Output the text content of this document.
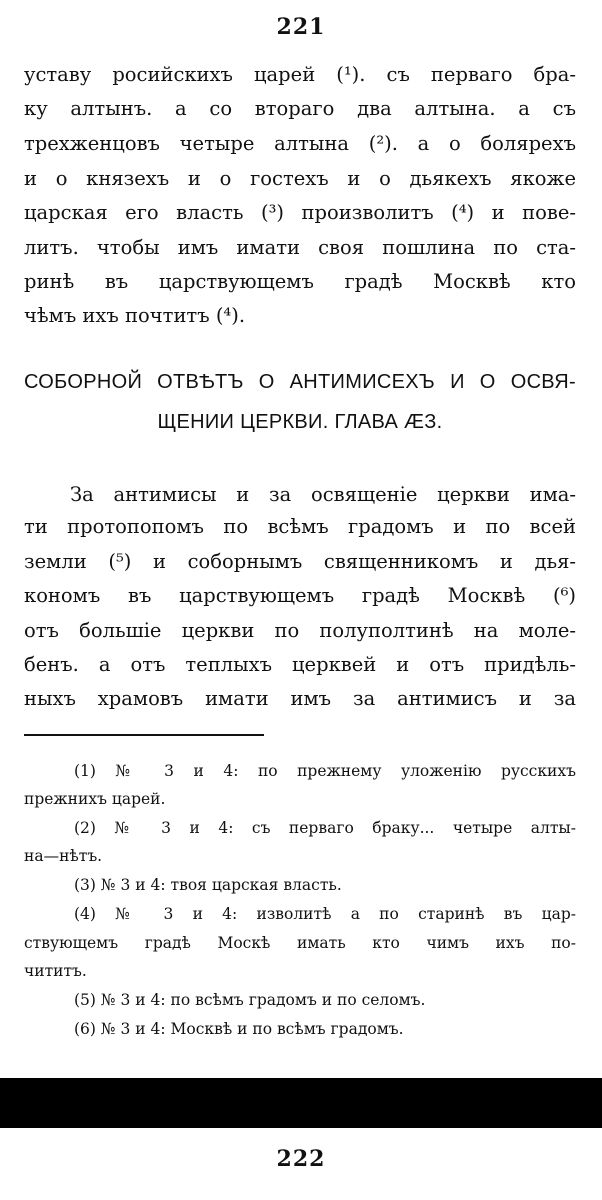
221
уставу росийскихъ царей (¹). съ перваго бра-
ку алтынъ. а со втораго два алтына. а съ
трехженцовъ четыре алтына (²). а о болярехъ
и о князехъ и о гостехъ и о дьякехъ якоже
царская его власть (³) произволитъ (⁴) и пове-
литъ. чтобы имъ имати своя пошлина по ста-
ринѣ въ царствующемъ градѣ Москвѣ кто
чѣмъ ихъ почтитъ (⁴).
СОБОРНОЙ ОТВѢТЪ О АНТИМИСЕХЪ И О ОСВЯ-
ЩЕНИИ ЦЕРКВИ. ГЛАВА ӔЗ.
За антимисы и за освященіе церкви има-
ти протопопомъ по всѣмъ градомъ и по всей
земли (⁵) и соборнымъ священникомъ и дья-
кономъ въ царствующемъ градѣ Москвѣ (⁶)
отъ большіе церкви по полуполтинѣ на моле-
бенъ. а отъ теплыхъ церквей и отъ придѣль-
ныхъ храмовъ имати имъ за антимисъ и за
(1) № 3 и 4: по прежнему уложенію русскихъ
прежнихъ царей.
(2) № 3 и 4: съ перваго браку... четыре алты-
на—нѣтъ.
(3) № 3 и 4: твоя царская власть.
(4) № 3 и 4: изволитѣ а по старинѣ въ цар-
ствующемъ градѣ Москѣ имать кто чимъ ихъ по-
чититъ.
(5) № 3 и 4: по всѣмъ градомъ и по селомъ.
(6) № 3 и 4: Москвѣ и по всѣмъ градомъ.
222
